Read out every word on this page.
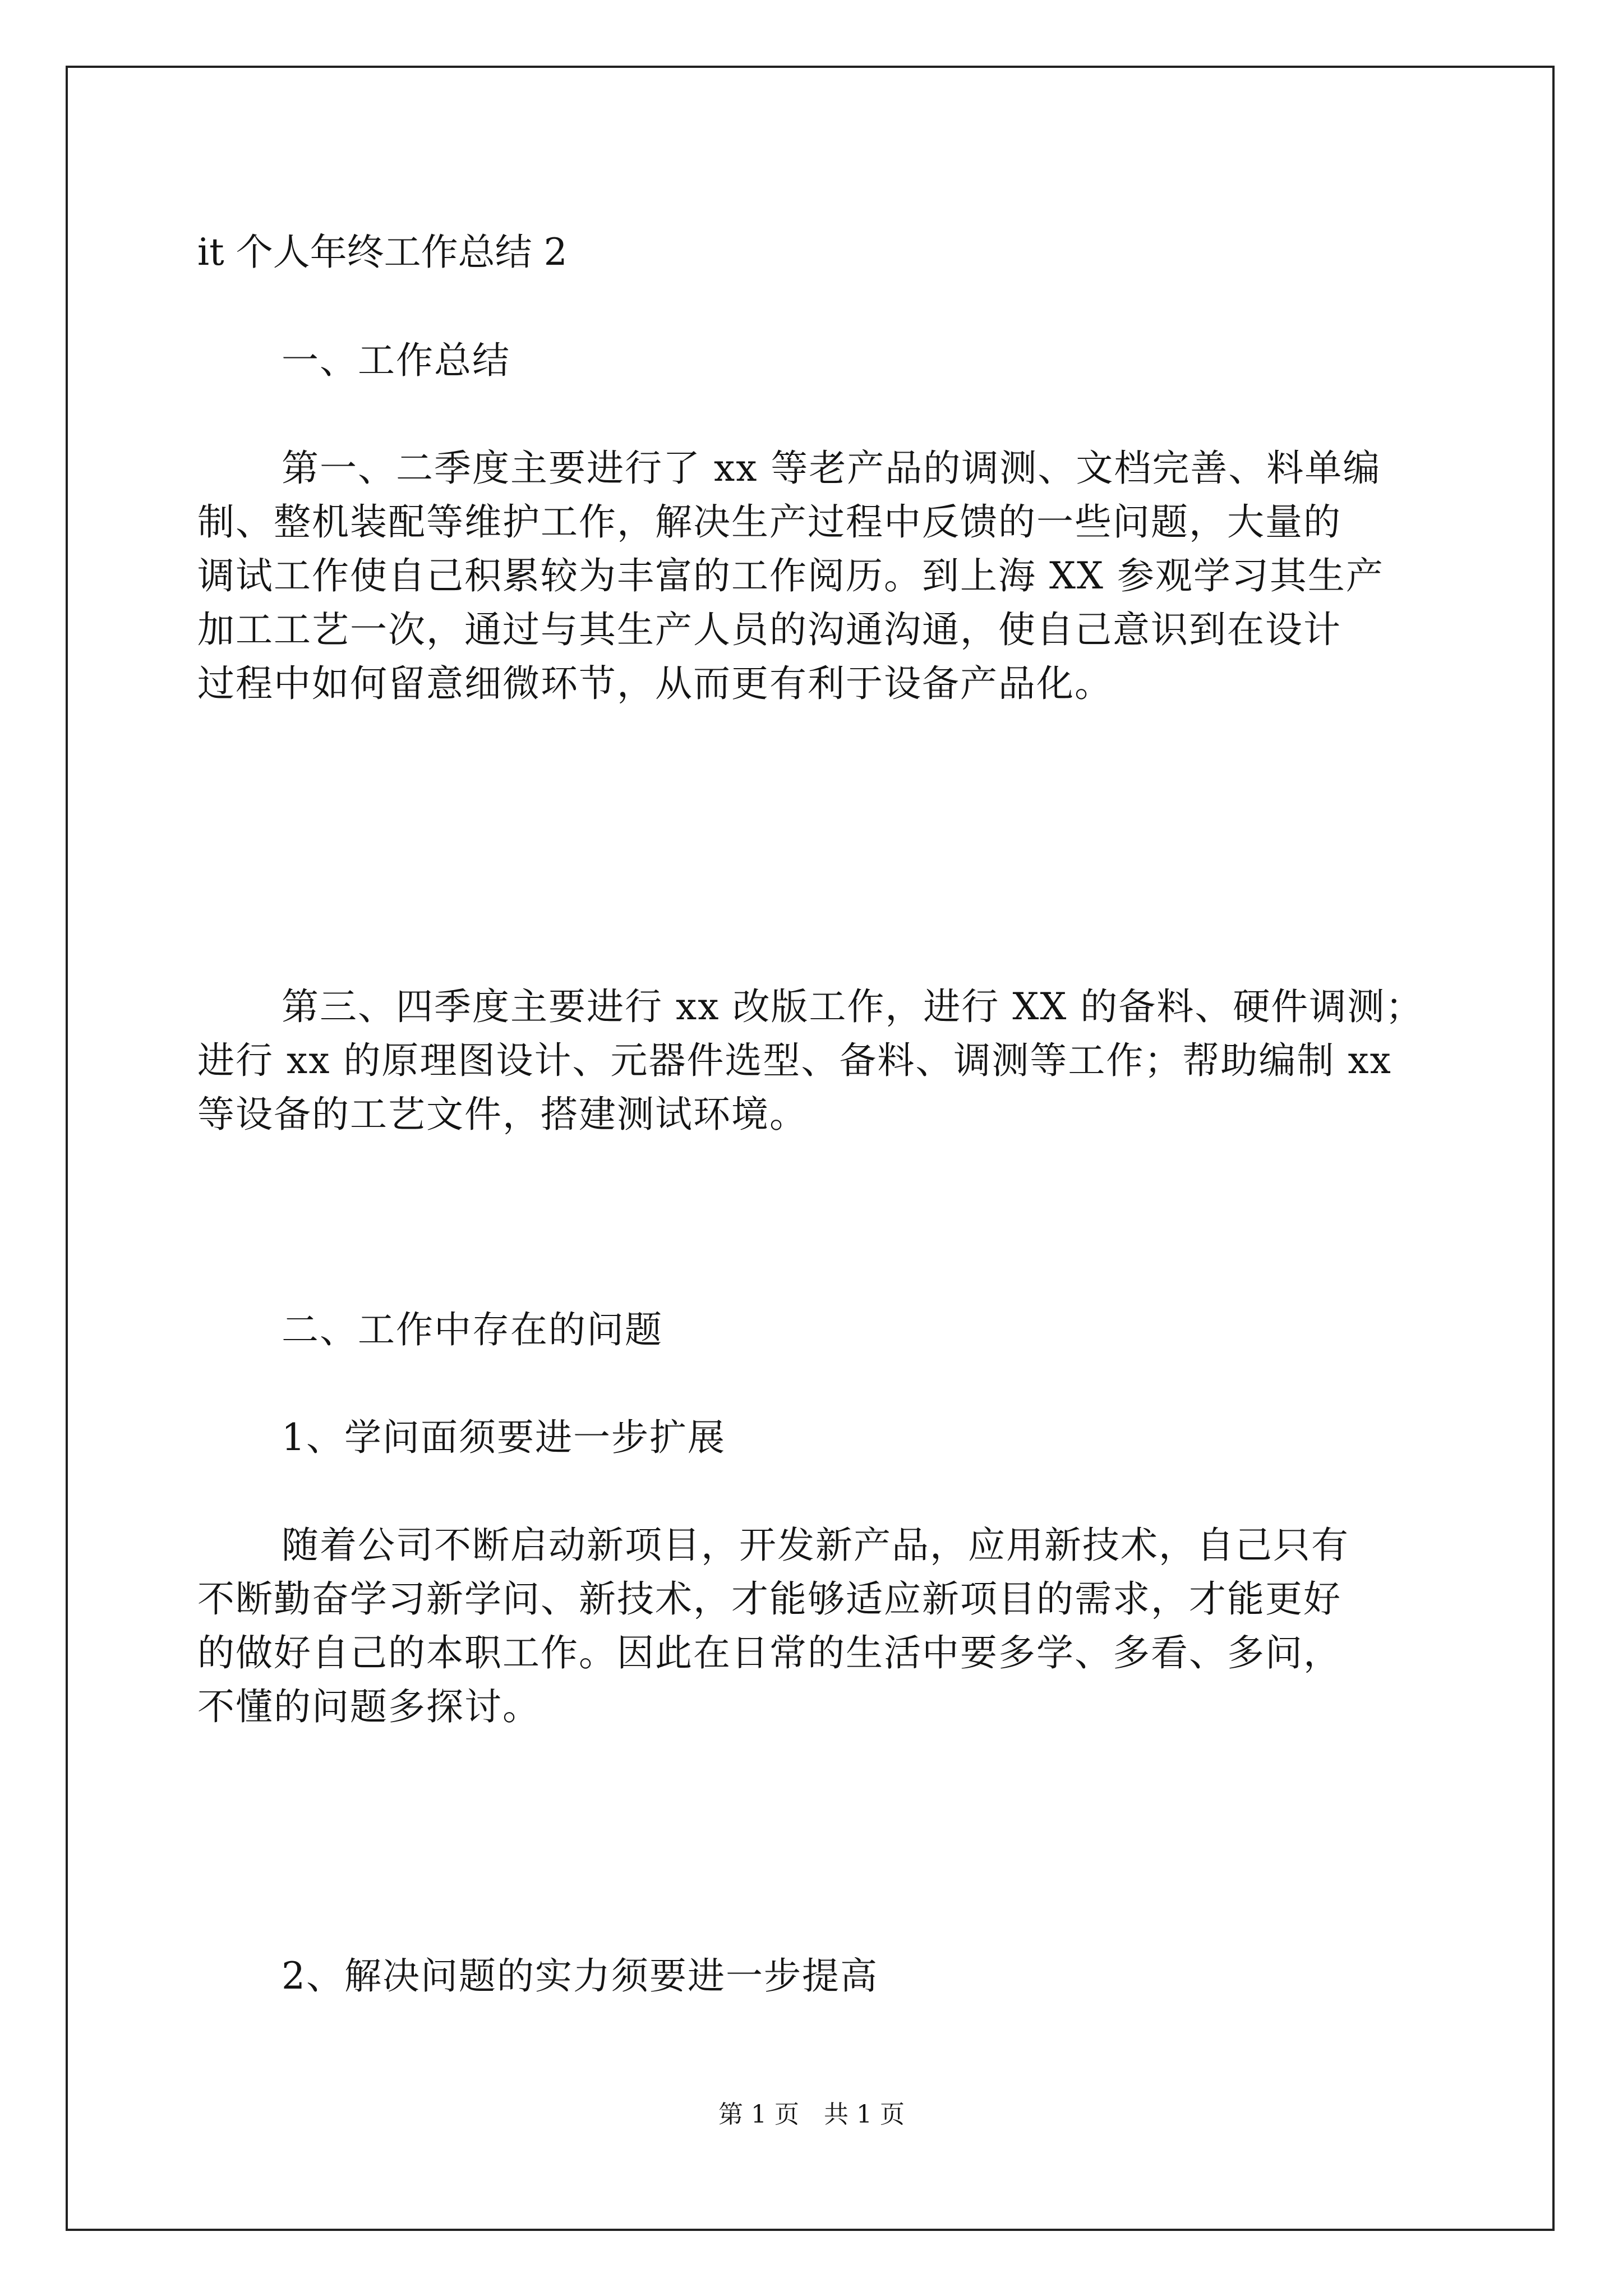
it 个人年终工作总结 2

一、工作总结

第一、二季度主要进行了 xx 等老产品的调测、文档完善、料单编
制、整机装配等维护工作，解决生产过程中反馈的一些问题，大量的
调试工作使自己积累较为丰富的工作阅历。到上海 XX 参观学习其生产
加工工艺一次，通过与其生产人员的沟通沟通，使自己意识到在设计
过程中如何留意细微环节，从而更有利于设备产品化。

第三、四季度主要进行 xx 改版工作，进行 XX 的备料、硬件调测；
进行 xx 的原理图设计、元器件选型、备料、调测等工作；帮助编制 xx
等设备的工艺文件，搭建测试环境。

二、工作中存在的问题

1、学问面须要进一步扩展

随着公司不断启动新项目，开发新产品，应用新技术，自己只有
不断勤奋学习新学问、新技术，才能够适应新项目的需求，才能更好
的做好自己的本职工作。因此在日常的生活中要多学、多看、多问，
不懂的问题多探讨。

2、解决问题的实力须要进一步提高

第 1 页　共 1 页
